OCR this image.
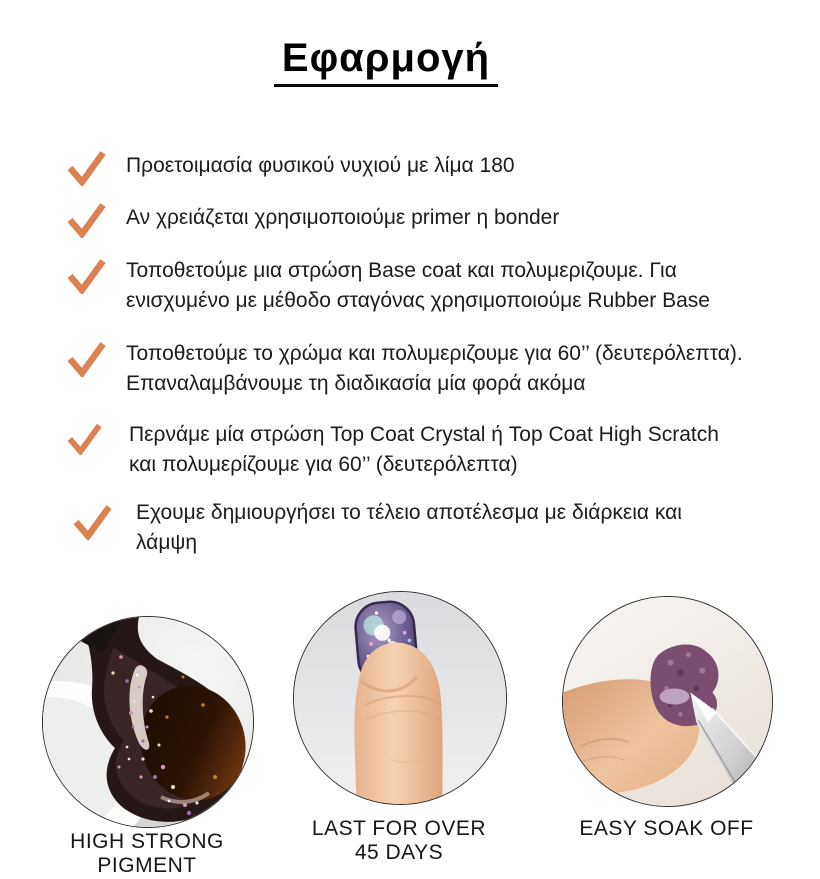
Εφαρμογή
Προετοιμασία φυσικού νυχιού με λίμα 180
Αν χρειάζεται χρησιμοποιούμε primer η bonder
Τοποθετούμε μια στρώση Base coat και πολυμεριζουμε. Για
ενισχυμένο με μέθοδο σταγόνας χρησιμοποιούμε Rubber Base
Τοποθετούμε το χρώμα και πολυμεριζουμε για 60’’ (δευτερόλεπτα).
Επαναλαμβάνουμε τη διαδικασία μία φορά ακόμα
Περνάμε μία στρώση Top Coat Crystal ή Top Coat High Scratch
και πολυμερίζουμε για 60’’ (δευτερόλεπτα)
Εχουμε δημιουργήσει το τέλειο αποτέλεσμα με διάρκεια και
λάμψη
HIGH STRONG
PIGMENT
LAST FOR OVER
45 DAYS
EASY SOAK OFF
